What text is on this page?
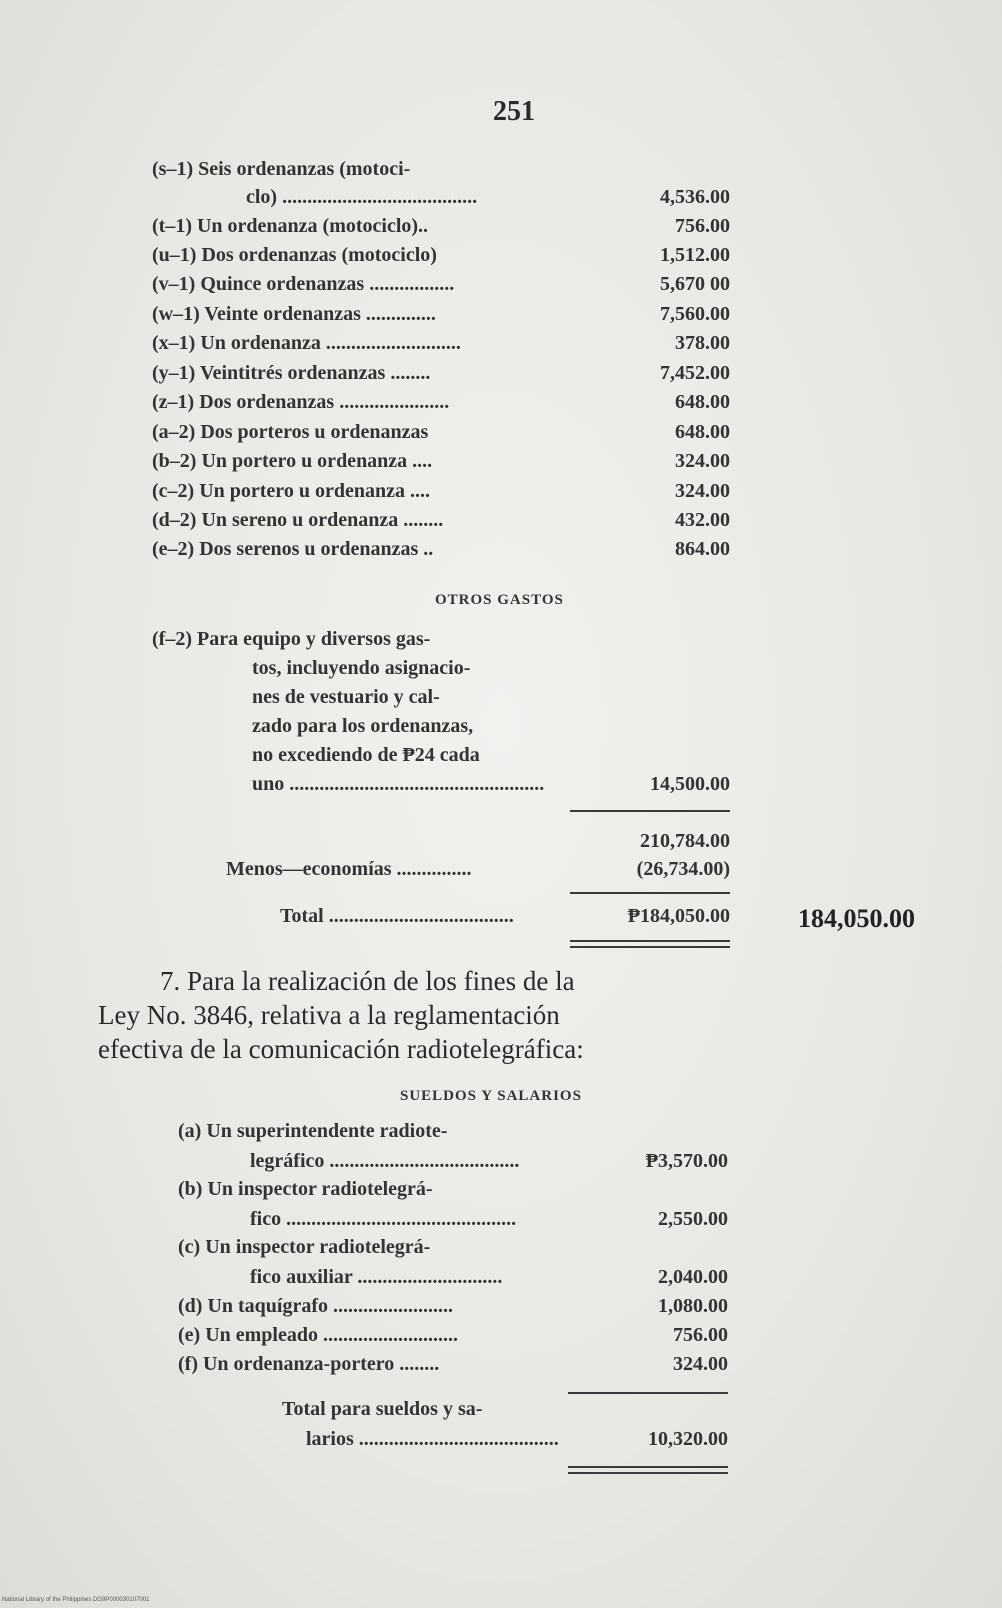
251
(s–1) Seis ordenanzas (motoci-
clo) .......................................	4,536.00
(t–1) Un ordenanza (motociclo)..	756.00
(u–1) Dos ordenanzas (motociclo)	1,512.00
(v–1) Quince ordenanzas .................	5,670 00
(w–1) Veinte ordenanzas ..............	7,560.00
(x–1) Un ordenanza ...........................	378.00
(y–1) Veintitrés ordenanzas ........	7,452.00
(z–1) Dos ordenanzas ......................	648.00
(a–2) Dos porteros u ordenanzas	648.00
(b–2) Un portero u ordenanza ....	324.00
(c–2) Un portero u ordenanza ....	324.00
(d–2) Un sereno u ordenanza ........	432.00
(e–2) Dos serenos u ordenanzas ..	864.00
OTROS GASTOS
(f–2) Para equipo y diversos gas-
tos, incluyendo asignacio-
nes de vestuario y cal-
zado para los ordenanzas,
no excediendo de ₱24 cada
uno ...................................................	14,500.00
210,784.00
Menos—economías ...............	(26,734.00)
Total .....................................	₱184,050.00	184,050.00
7. Para la realización de los fines de la
Ley No. 3846, relativa a la reglamentación
efectiva de la comunicación radiotelegráfica:
SUELDOS Y SALARIOS
(a) Un superintendente radiote-
legráfico ......................................	₱3,570.00
(b) Un inspector radiotelegrá-
fico ..............................................	2,550.00
(c) Un inspector radiotelegrá-
fico auxiliar .............................	2,040.00
(d) Un taquígrafo ........................	1,080.00
(e) Un empleado ...........................	756.00
(f) Un ordenanza-portero ........	324.00
Total para sueldos y sa-
larios ........................................	10,320.00
National Library of the Philippines DG9P000030107001
